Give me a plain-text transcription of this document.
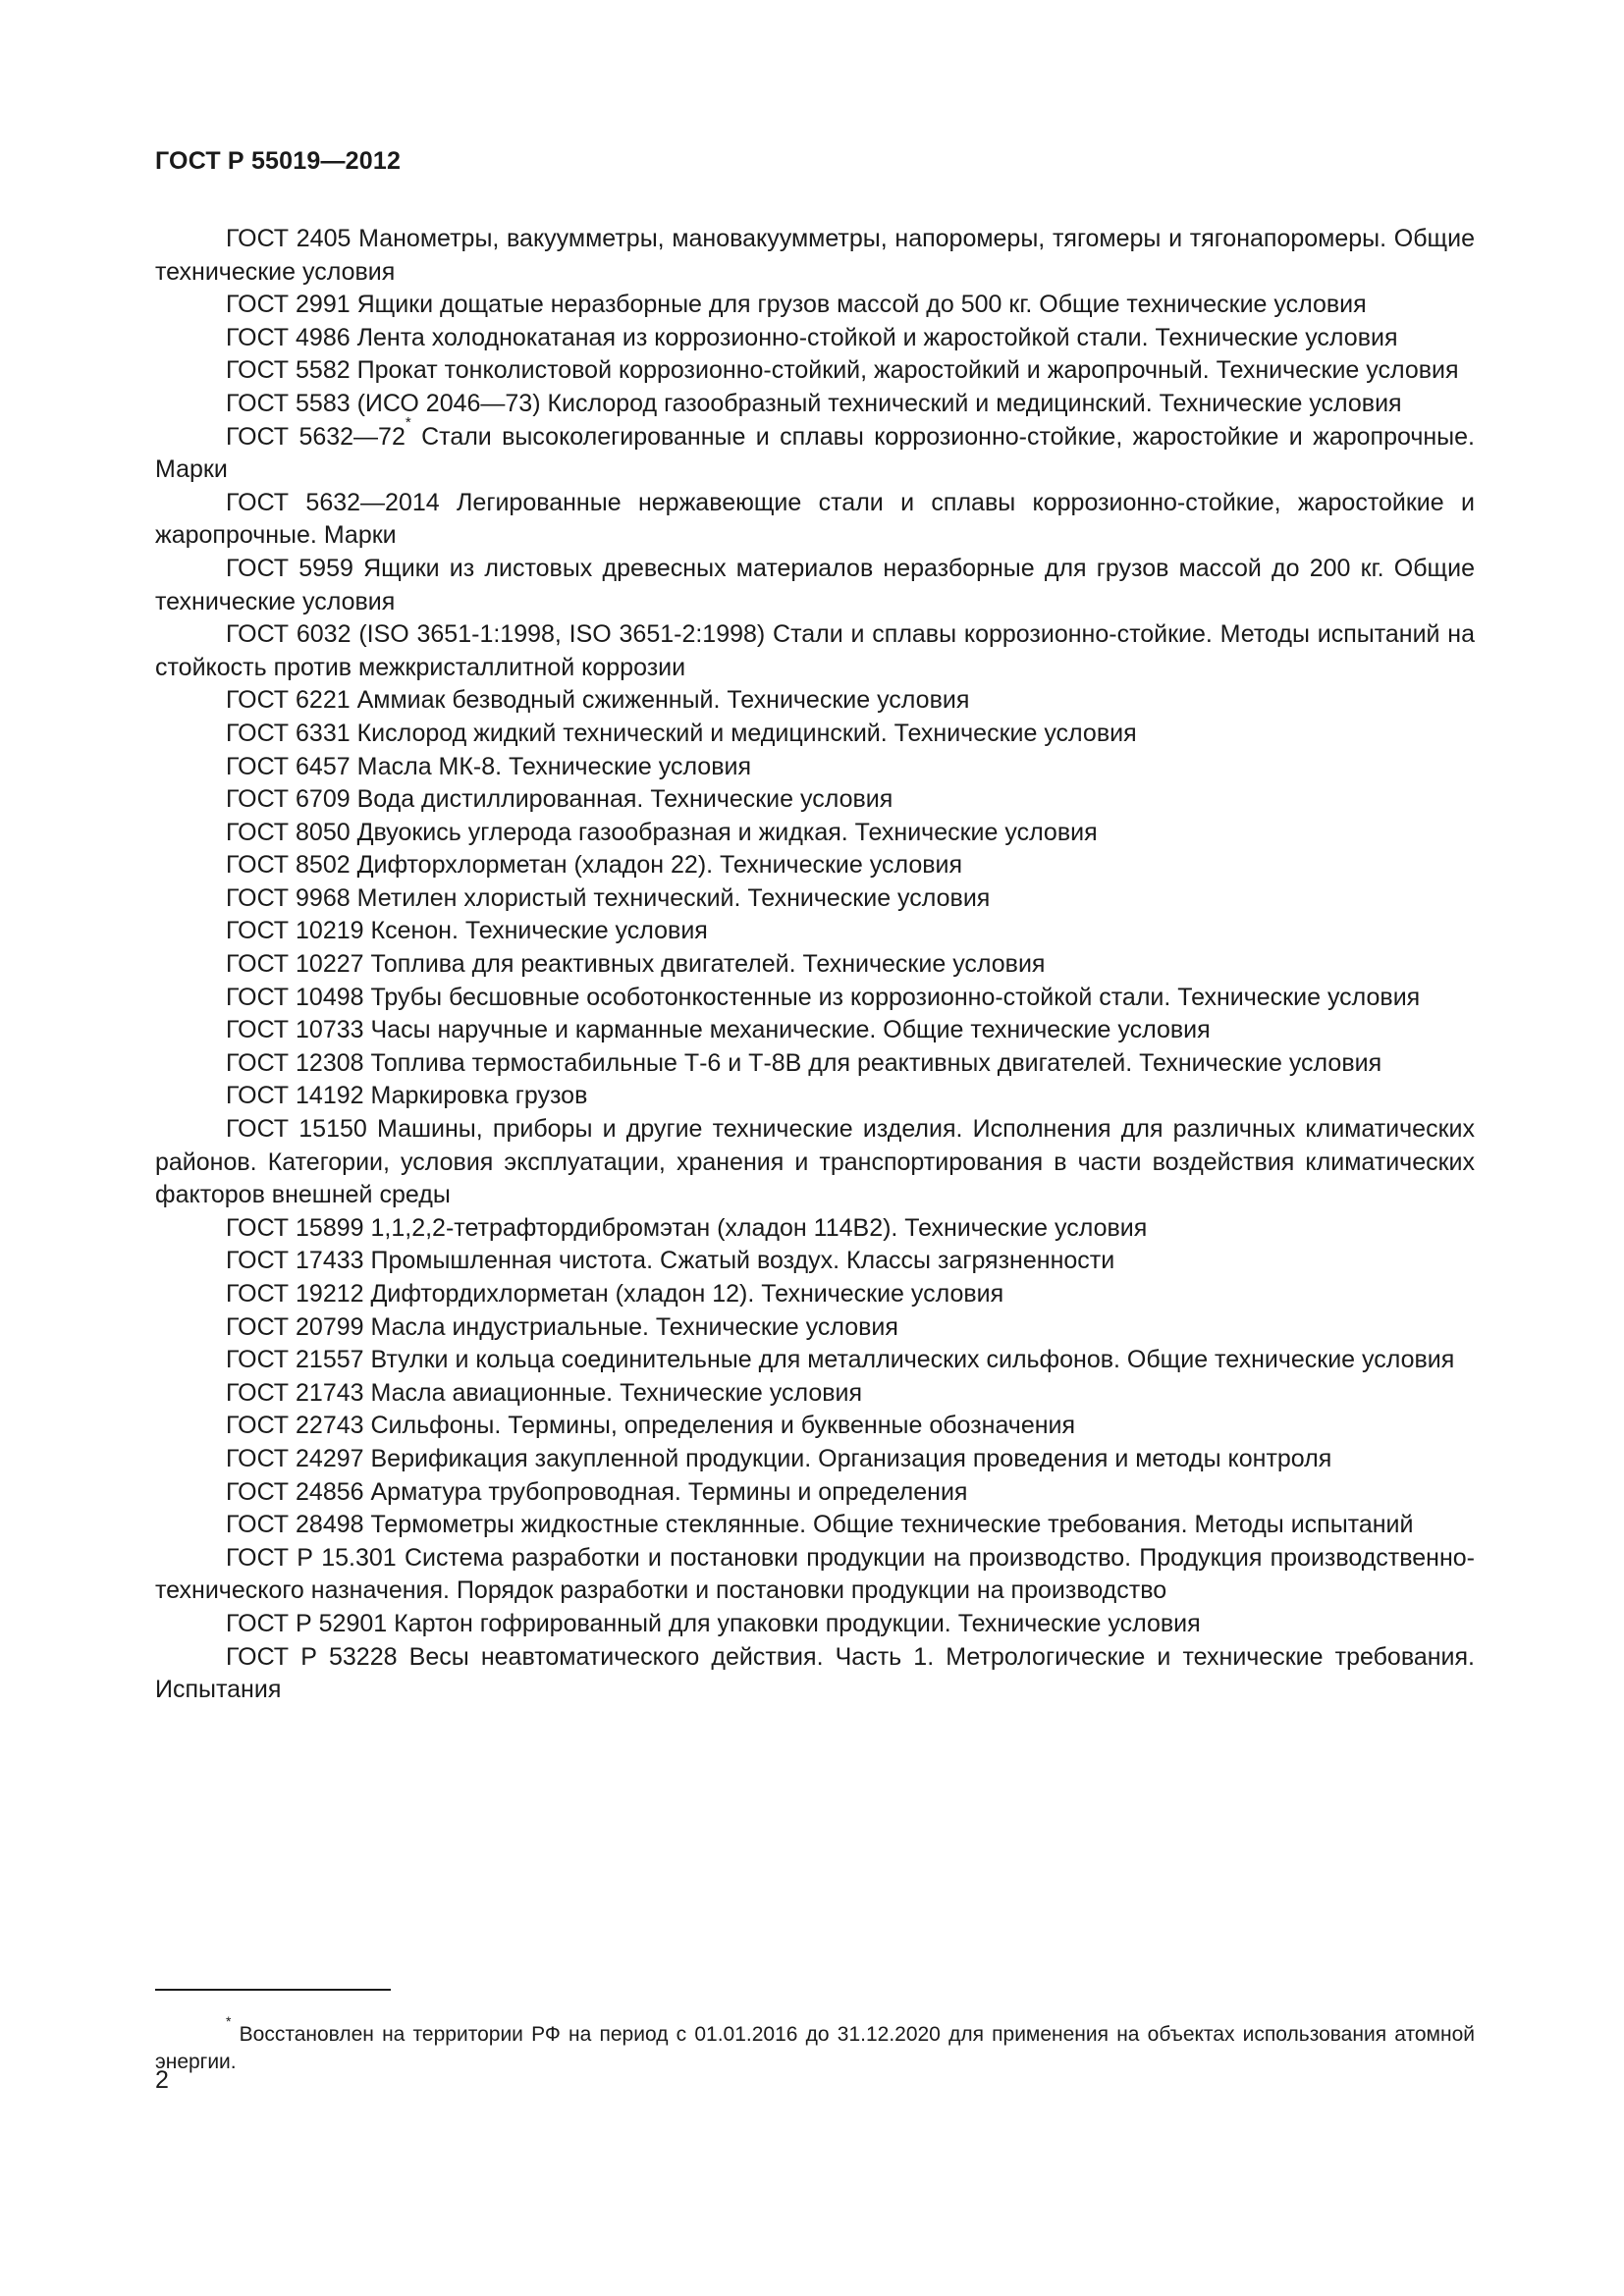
ГОСТ Р 55019—2012

ГОСТ 2405 Манометры, вакуумметры, мановакуумметры, напоромеры, тягомеры и тягонапоромеры. Общие технические условия

ГОСТ 2991 Ящики дощатые неразборные для грузов массой до 500 кг. Общие технические условия

ГОСТ 4986 Лента холоднокатаная из коррозионно-стойкой и жаростойкой стали. Технические условия

ГОСТ 5582 Прокат тонколистовой коррозионно-стойкий, жаростойкий и жаропрочный. Технические условия

ГОСТ 5583 (ИСО 2046—73) Кислород газообразный технический и медицинский. Технические условия

ГОСТ 5632—72* Стали высоколегированные и сплавы коррозионно-стойкие, жаростойкие и жаропрочные. Марки

ГОСТ 5632—2014 Легированные нержавеющие стали и сплавы коррозионно-стойкие, жаростойкие и жаропрочные. Марки

ГОСТ 5959 Ящики из листовых древесных материалов неразборные для грузов массой до 200 кг. Общие технические условия

ГОСТ 6032 (ISO 3651-1:1998, ISO 3651-2:1998) Стали и сплавы коррозионно-стойкие. Методы испытаний на стойкость против межкристаллитной коррозии

ГОСТ 6221 Аммиак безводный сжиженный. Технические условия

ГОСТ 6331 Кислород жидкий технический и медицинский. Технические условия

ГОСТ 6457 Масла МК-8. Технические условия

ГОСТ 6709 Вода дистиллированная. Технические условия

ГОСТ 8050 Двуокись углерода газообразная и жидкая. Технические условия

ГОСТ 8502 Дифторхлорметан (хладон 22). Технические условия

ГОСТ 9968 Метилен хлористый технический. Технические условия

ГОСТ 10219 Ксенон. Технические условия

ГОСТ 10227 Топлива для реактивных двигателей. Технические условия

ГОСТ 10498 Трубы бесшовные особотонкостенные из коррозионно-стойкой стали. Технические условия

ГОСТ 10733 Часы наручные и карманные механические. Общие технические условия

ГОСТ 12308 Топлива термостабильные Т-6 и Т-8В для реактивных двигателей. Технические условия

ГОСТ 14192 Маркировка грузов

ГОСТ 15150 Машины, приборы и другие технические изделия. Исполнения для различных климатических районов. Категории, условия эксплуатации, хранения и транспортирования в части воздействия климатических факторов внешней среды

ГОСТ 15899 1,1,2,2-тетрафтордибромэтан (хладон 114В2). Технические условия

ГОСТ 17433 Промышленная чистота. Сжатый воздух. Классы загрязненности

ГОСТ 19212 Дифтордихлорметан (хладон 12). Технические условия

ГОСТ 20799 Масла индустриальные. Технические условия

ГОСТ 21557 Втулки и кольца соединительные для металлических сильфонов. Общие технические условия

ГОСТ 21743 Масла авиационные. Технические условия

ГОСТ 22743 Сильфоны. Термины, определения и буквенные обозначения

ГОСТ 24297 Верификация закупленной продукции. Организация проведения и методы контроля

ГОСТ 24856 Арматура трубопроводная. Термины и определения

ГОСТ 28498 Термометры жидкостные стеклянные. Общие технические требования. Методы испытаний

ГОСТ Р 15.301 Система разработки и постановки продукции на производство. Продукция производственно-технического назначения. Порядок разработки и постановки продукции на производство

ГОСТ Р 52901 Картон гофрированный для упаковки продукции. Технические условия

ГОСТ Р 53228 Весы неавтоматического действия. Часть 1. Метрологические и технические требования. Испытания

* Восстановлен на территории РФ на период с 01.01.2016 до 31.12.2020 для применения на объектах использования атомной энергии.

2
